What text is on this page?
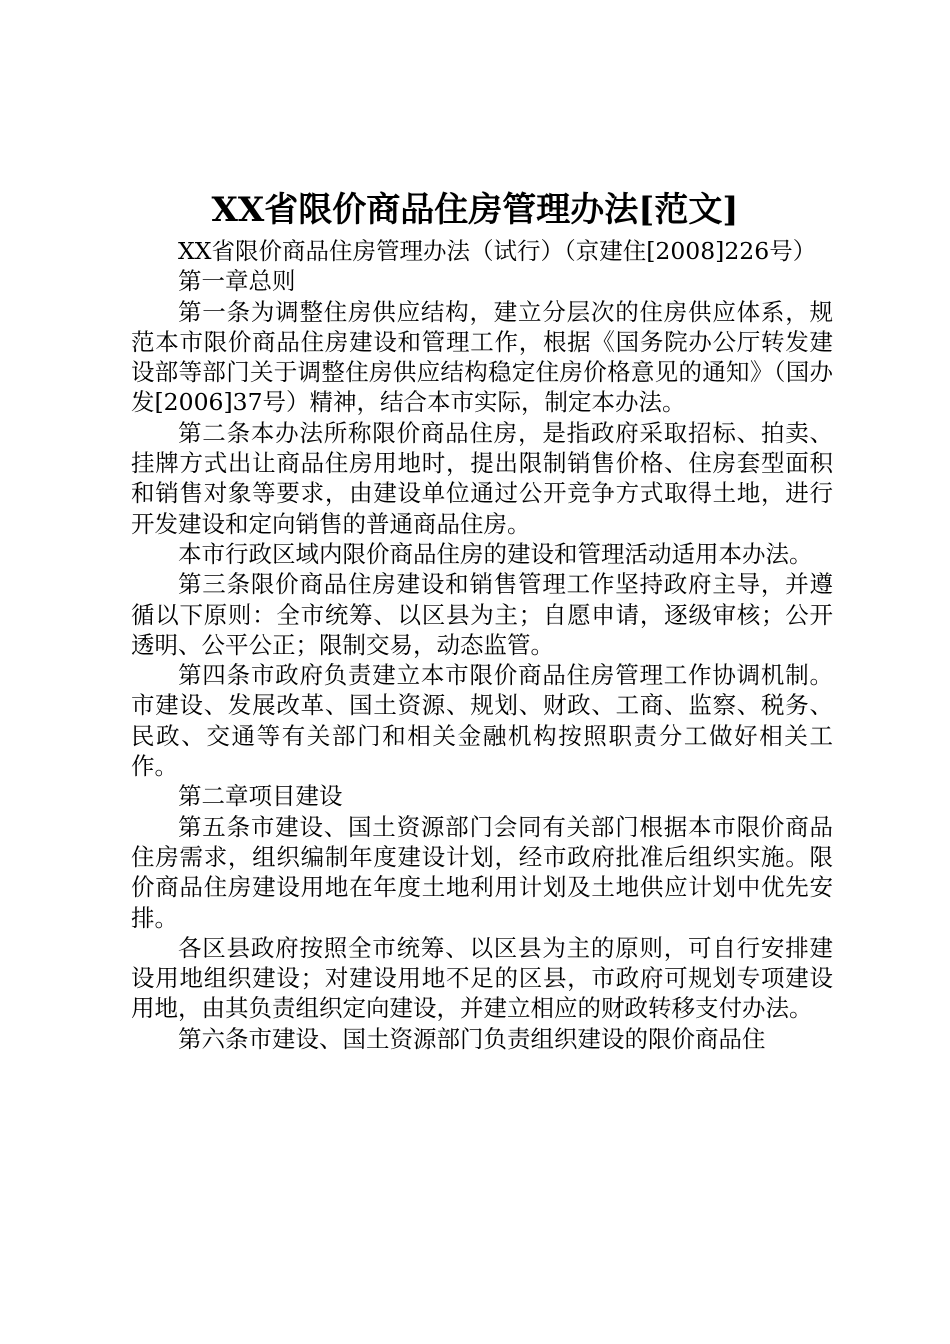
XX省限价商品住房管理办法[范文]

XX省限价商品住房管理办法（试行）（京建住[2008]226号）

第一章总则

第一条为调整住房供应结构，建立分层次的住房供应体系，规范本市限价商品住房建设和管理工作，根据《国务院办公厅转发建设部等部门关于调整住房供应结构稳定住房价格意见的通知》（国办发[2006]37号）精神，结合本市实际，制定本办法。

第二条本办法所称限价商品住房，是指政府采取招标、拍卖、挂牌方式出让商品住房用地时，提出限制销售价格、住房套型面积和销售对象等要求，由建设单位通过公开竞争方式取得土地，进行开发建设和定向销售的普通商品住房。

本市行政区域内限价商品住房的建设和管理活动适用本办法。

第三条限价商品住房建设和销售管理工作坚持政府主导，并遵循以下原则：全市统筹、以区县为主；自愿申请，逐级审核；公开透明、公平公正；限制交易，动态监管。

第四条市政府负责建立本市限价商品住房管理工作协调机制。市建设、发展改革、国土资源、规划、财政、工商、监察、税务、民政、交通等有关部门和相关金融机构按照职责分工做好相关工作。

第二章项目建设

第五条市建设、国土资源部门会同有关部门根据本市限价商品住房需求，组织编制年度建设计划，经市政府批准后组织实施。限价商品住房建设用地在年度土地利用计划及土地供应计划中优先安排。

各区县政府按照全市统筹、以区县为主的原则，可自行安排建设用地组织建设；对建设用地不足的区县，市政府可规划专项建设用地，由其负责组织定向建设，并建立相应的财政转移支付办法。

第六条市建设、国土资源部门负责组织建设的限价商品住
